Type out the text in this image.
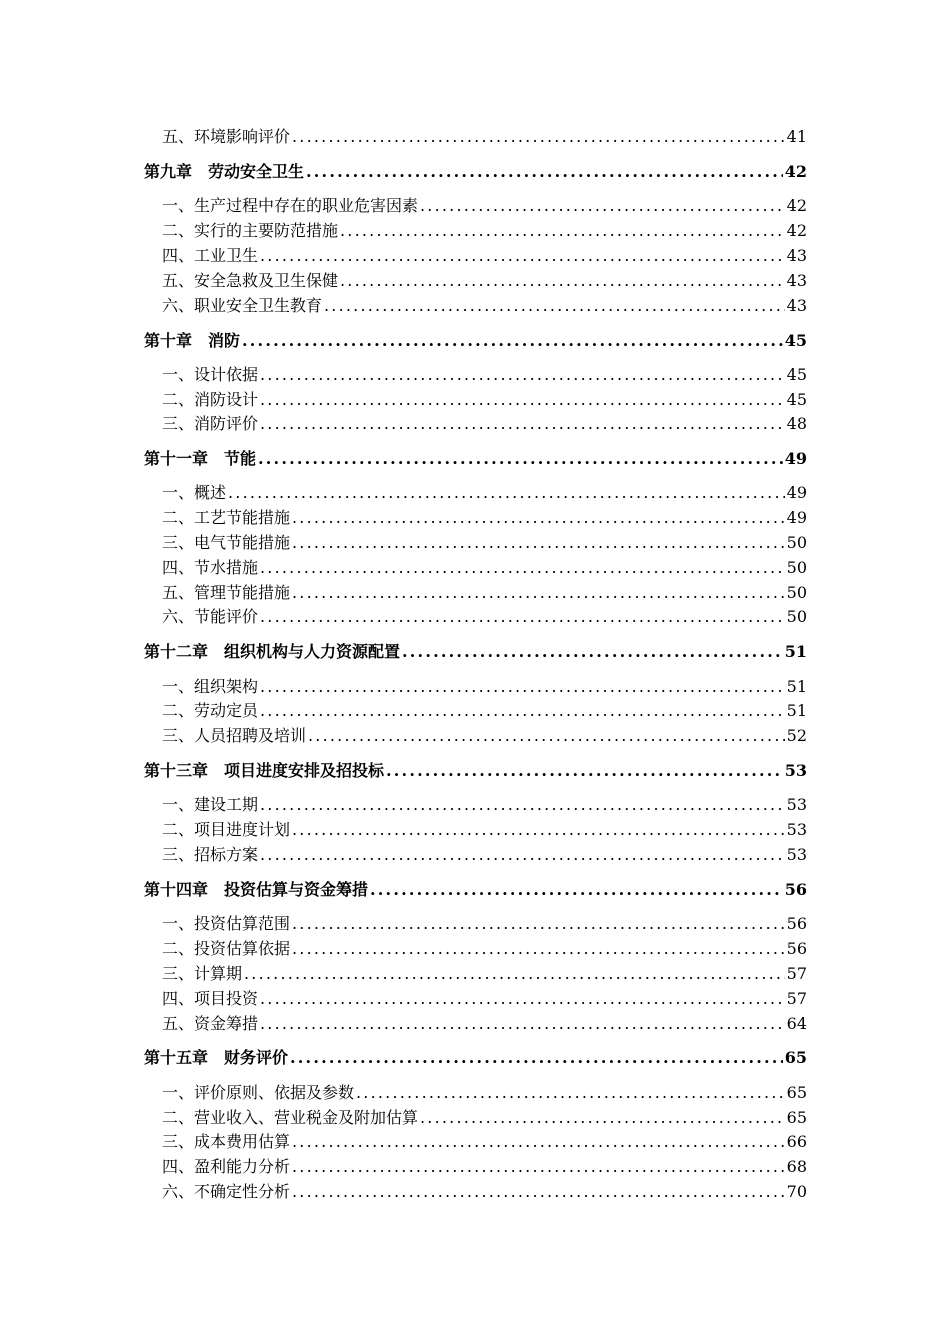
五、环境影响评价 .....	41
第九章　劳动安全卫生 .....	42
一、生产过程中存在的职业危害因素 .....	42
二、实行的主要防范措施 .....	42
四、工业卫生 .....	43
五、安全急救及卫生保健 .....	43
六、职业安全卫生教育 .....	43
第十章　消防 .....	45
一、设计依据 .....	45
二、消防设计 .....	45
三、消防评价 .....	48
第十一章　节能 .....	49
一、概述 .....	49
二、工艺节能措施 .....	49
三、电气节能措施 .....	50
四、节水措施 .....	50
五、管理节能措施 .....	50
六、节能评价 .....	50
第十二章　组织机构与人力资源配置 .....	51
一、组织架构 .....	51
二、劳动定员 .....	51
三、人员招聘及培训 .....	52
第十三章　项目进度安排及招投标 .....	53
一、建设工期 .....	53
二、项目进度计划 .....	53
三、招标方案 .....	53
第十四章　投资估算与资金筹措 .....	56
一、投资估算范围 .....	56
二、投资估算依据 .....	56
三、计算期 .....	57
四、项目投资 .....	57
五、资金筹措 .....	64
第十五章　财务评价 .....	65
一、评价原则、依据及参数 .....	65
二、营业收入、营业税金及附加估算 .....	65
三、成本费用估算 .....	66
四、盈利能力分析 .....	68
六、不确定性分析 .....	70
